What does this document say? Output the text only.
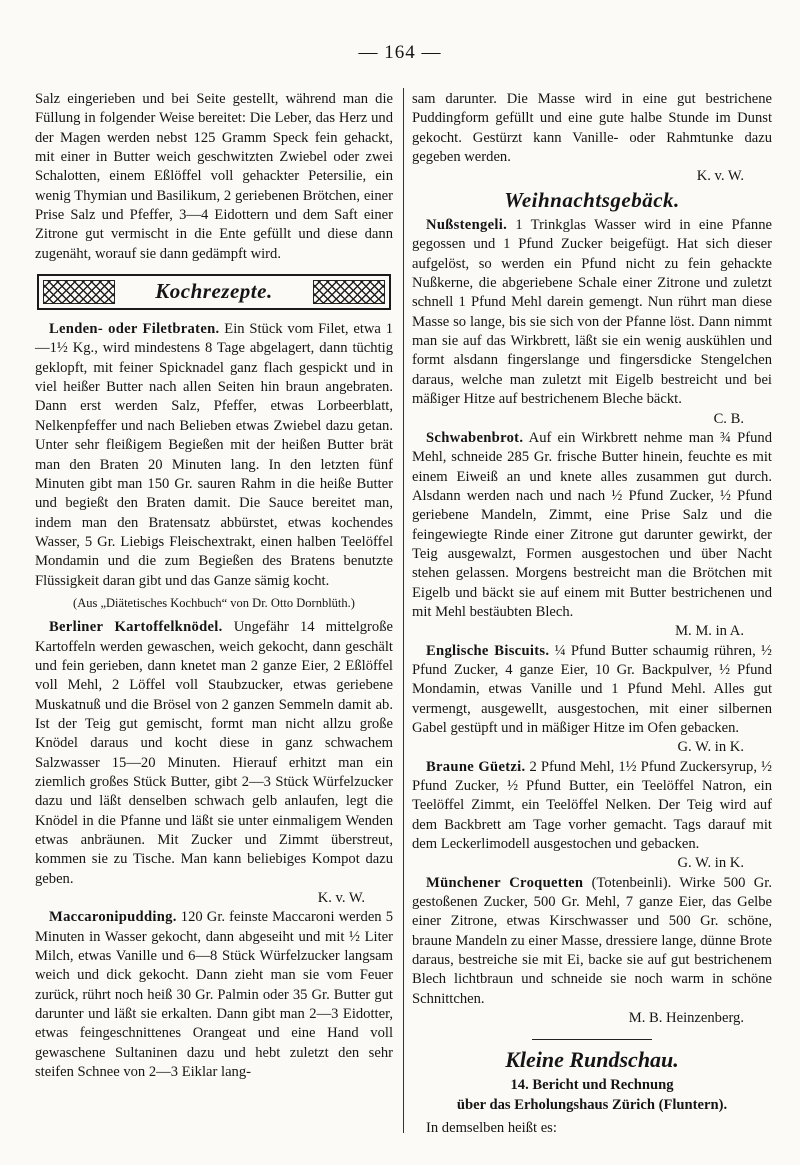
— 164 —

Salz eingerieben und bei Seite gestellt, während man die Füllung in folgender Weise bereitet: Die Leber, das Herz und der Magen werden nebst 125 Gramm Speck fein gehackt, mit einer in Butter weich geschwitzten Zwiebel oder zwei Schalotten, einem Eßlöffel voll gehackter Petersilie, ein wenig Thymian und Basilikum, 2 geriebenen Brötchen, einer Prise Salz und Pfeffer, 3—4 Eidottern und dem Saft einer Zitrone gut vermischt in die Ente gefüllt und diese dann zugenäht, worauf sie dann gedämpft wird.

Kochrezepte.

Lenden- oder Filetbraten. Ein Stück vom Filet, etwa 1—1½ Kg., wird mindestens 8 Tage abgelagert, dann tüchtig geklopft, mit feiner Spicknadel ganz flach gespickt und in viel heißer Butter nach allen Seiten hin braun angebraten. Dann erst werden Salz, Pfeffer, etwas Lorbeerblatt, Nelkenpfeffer und nach Belieben etwas Zwiebel dazu getan. Unter sehr fleißigem Begießen mit der heißen Butter brät man den Braten 20 Minuten lang. In den letzten fünf Minuten gibt man 150 Gr. sauren Rahm in die heiße Butter und begießt den Braten damit. Die Sauce bereitet man, indem man den Bratensatz abbürstet, etwas kochendes Wasser, 5 Gr. Liebigs Fleischextrakt, einen halben Teelöffel Mondamin und die zum Begießen des Bratens benutzte Flüssigkeit daran gibt und das Ganze sämig kocht.

(Aus „Diätetisches Kochbuch“ von Dr. Otto Dornblüth.)

Berliner Kartoffelknödel. Ungefähr 14 mittelgroße Kartoffeln werden gewaschen, weich gekocht, dann geschält und fein gerieben, dann knetet man 2 ganze Eier, 2 Eßlöffel voll Mehl, 2 Löffel voll Staubzucker, etwas geriebene Muskatnuß und die Brösel von 2 ganzen Semmeln damit ab. Ist der Teig gut gemischt, formt man nicht allzu große Knödel daraus und kocht diese in ganz schwachem Salzwasser 15—20 Minuten. Hierauf erhitzt man ein ziemlich großes Stück Butter, gibt 2—3 Stück Würfelzucker dazu und läßt denselben schwach gelb anlaufen, legt die Knödel in die Pfanne und läßt sie unter einmaligem Wenden etwas anbräunen. Mit Zucker und Zimmt überstreut, kommen sie zu Tische. Man kann beliebiges Kompot dazu geben.

K. v. W.

Maccaronipudding. 120 Gr. feinste Maccaroni werden 5 Minuten in Wasser gekocht, dann abgeseiht und mit ½ Liter Milch, etwas Vanille und 6—8 Stück Würfelzucker langsam weich und dick gekocht. Dann zieht man sie vom Feuer zurück, rührt noch heiß 30 Gr. Palmin oder 35 Gr. Butter gut darunter und läßt sie erkalten. Dann gibt man 2—3 Eidotter, etwas feingeschnittenes Orangeat und eine Hand voll gewaschene Sultaninen dazu und hebt zuletzt den sehr steifen Schnee von 2—3 Eiklar lang-

sam darunter. Die Masse wird in eine gut bestrichene Puddingform gefüllt und eine gute halbe Stunde im Dunst gekocht. Gestürzt kann Vanille- oder Rahmtunke dazu gegeben werden.

K. v. W.

Weihnachtsgebäck.

Nußstengeli. 1 Trinkglas Wasser wird in eine Pfanne gegossen und 1 Pfund Zucker beigefügt. Hat sich dieser aufgelöst, so werden ein Pfund nicht zu fein gehackte Nußkerne, die abgeriebene Schale einer Zitrone und zuletzt schnell 1 Pfund Mehl darein gemengt. Nun rührt man diese Masse so lange, bis sie sich von der Pfanne löst. Dann nimmt man sie auf das Wirkbrett, läßt sie ein wenig auskühlen und formt alsdann fingerslange und fingersdicke Stengelchen daraus, welche man zuletzt mit Eigelb bestreicht und bei mäßiger Hitze auf bestrichenem Bleche bäckt.

C. B.

Schwabenbrot. Auf ein Wirkbrett nehme man ¾ Pfund Mehl, schneide 285 Gr. frische Butter hinein, feuchte es mit einem Eiweiß an und knete alles zusammen gut durch. Alsdann werden nach und nach ½ Pfund Zucker, ½ Pfund geriebene Mandeln, Zimmt, eine Prise Salz und die feingewiegte Rinde einer Zitrone gut darunter gewirkt, der Teig ausgewalzt, Formen ausgestochen und über Nacht stehen gelassen. Morgens bestreicht man die Brötchen mit Eigelb und bäckt sie auf einem mit Butter bestrichenen und mit Mehl bestäubten Blech.

M. M. in A.

Englische Biscuits. ¼ Pfund Butter schaumig rühren, ½ Pfund Zucker, 4 ganze Eier, 10 Gr. Backpulver, ½ Pfund Mondamin, etwas Vanille und 1 Pfund Mehl. Alles gut vermengt, ausgewellt, ausgestochen, mit einer silbernen Gabel gestüpft und in mäßiger Hitze im Ofen gebacken.

G. W. in K.

Braune Güetzi. 2 Pfund Mehl, 1½ Pfund Zuckersyrup, ½ Pfund Zucker, ½ Pfund Butter, ein Teelöffel Natron, ein Teelöffel Zimmt, ein Teelöffel Nelken. Der Teig wird auf dem Backbrett am Tage vorher gemacht. Tags darauf mit dem Leckerlimodell ausgestochen und gebacken.

G. W. in K.

Münchener Croquetten (Totenbeinli). Wirke 500 Gr. gestoßenen Zucker, 500 Gr. Mehl, 7 ganze Eier, das Gelbe einer Zitrone, etwas Kirschwasser und 500 Gr. schöne, braune Mandeln zu einer Masse, dressiere lange, dünne Brote daraus, bestreiche sie mit Ei, backe sie auf gut bestrichenem Blech lichtbraun und schneide sie noch warm in schöne Schnittchen.

M. B. Heinzenberg.

Kleine Rundschau.

14. Bericht und Rechnung

über das Erholungshaus Zürich (Fluntern).

In demselben heißt es:
